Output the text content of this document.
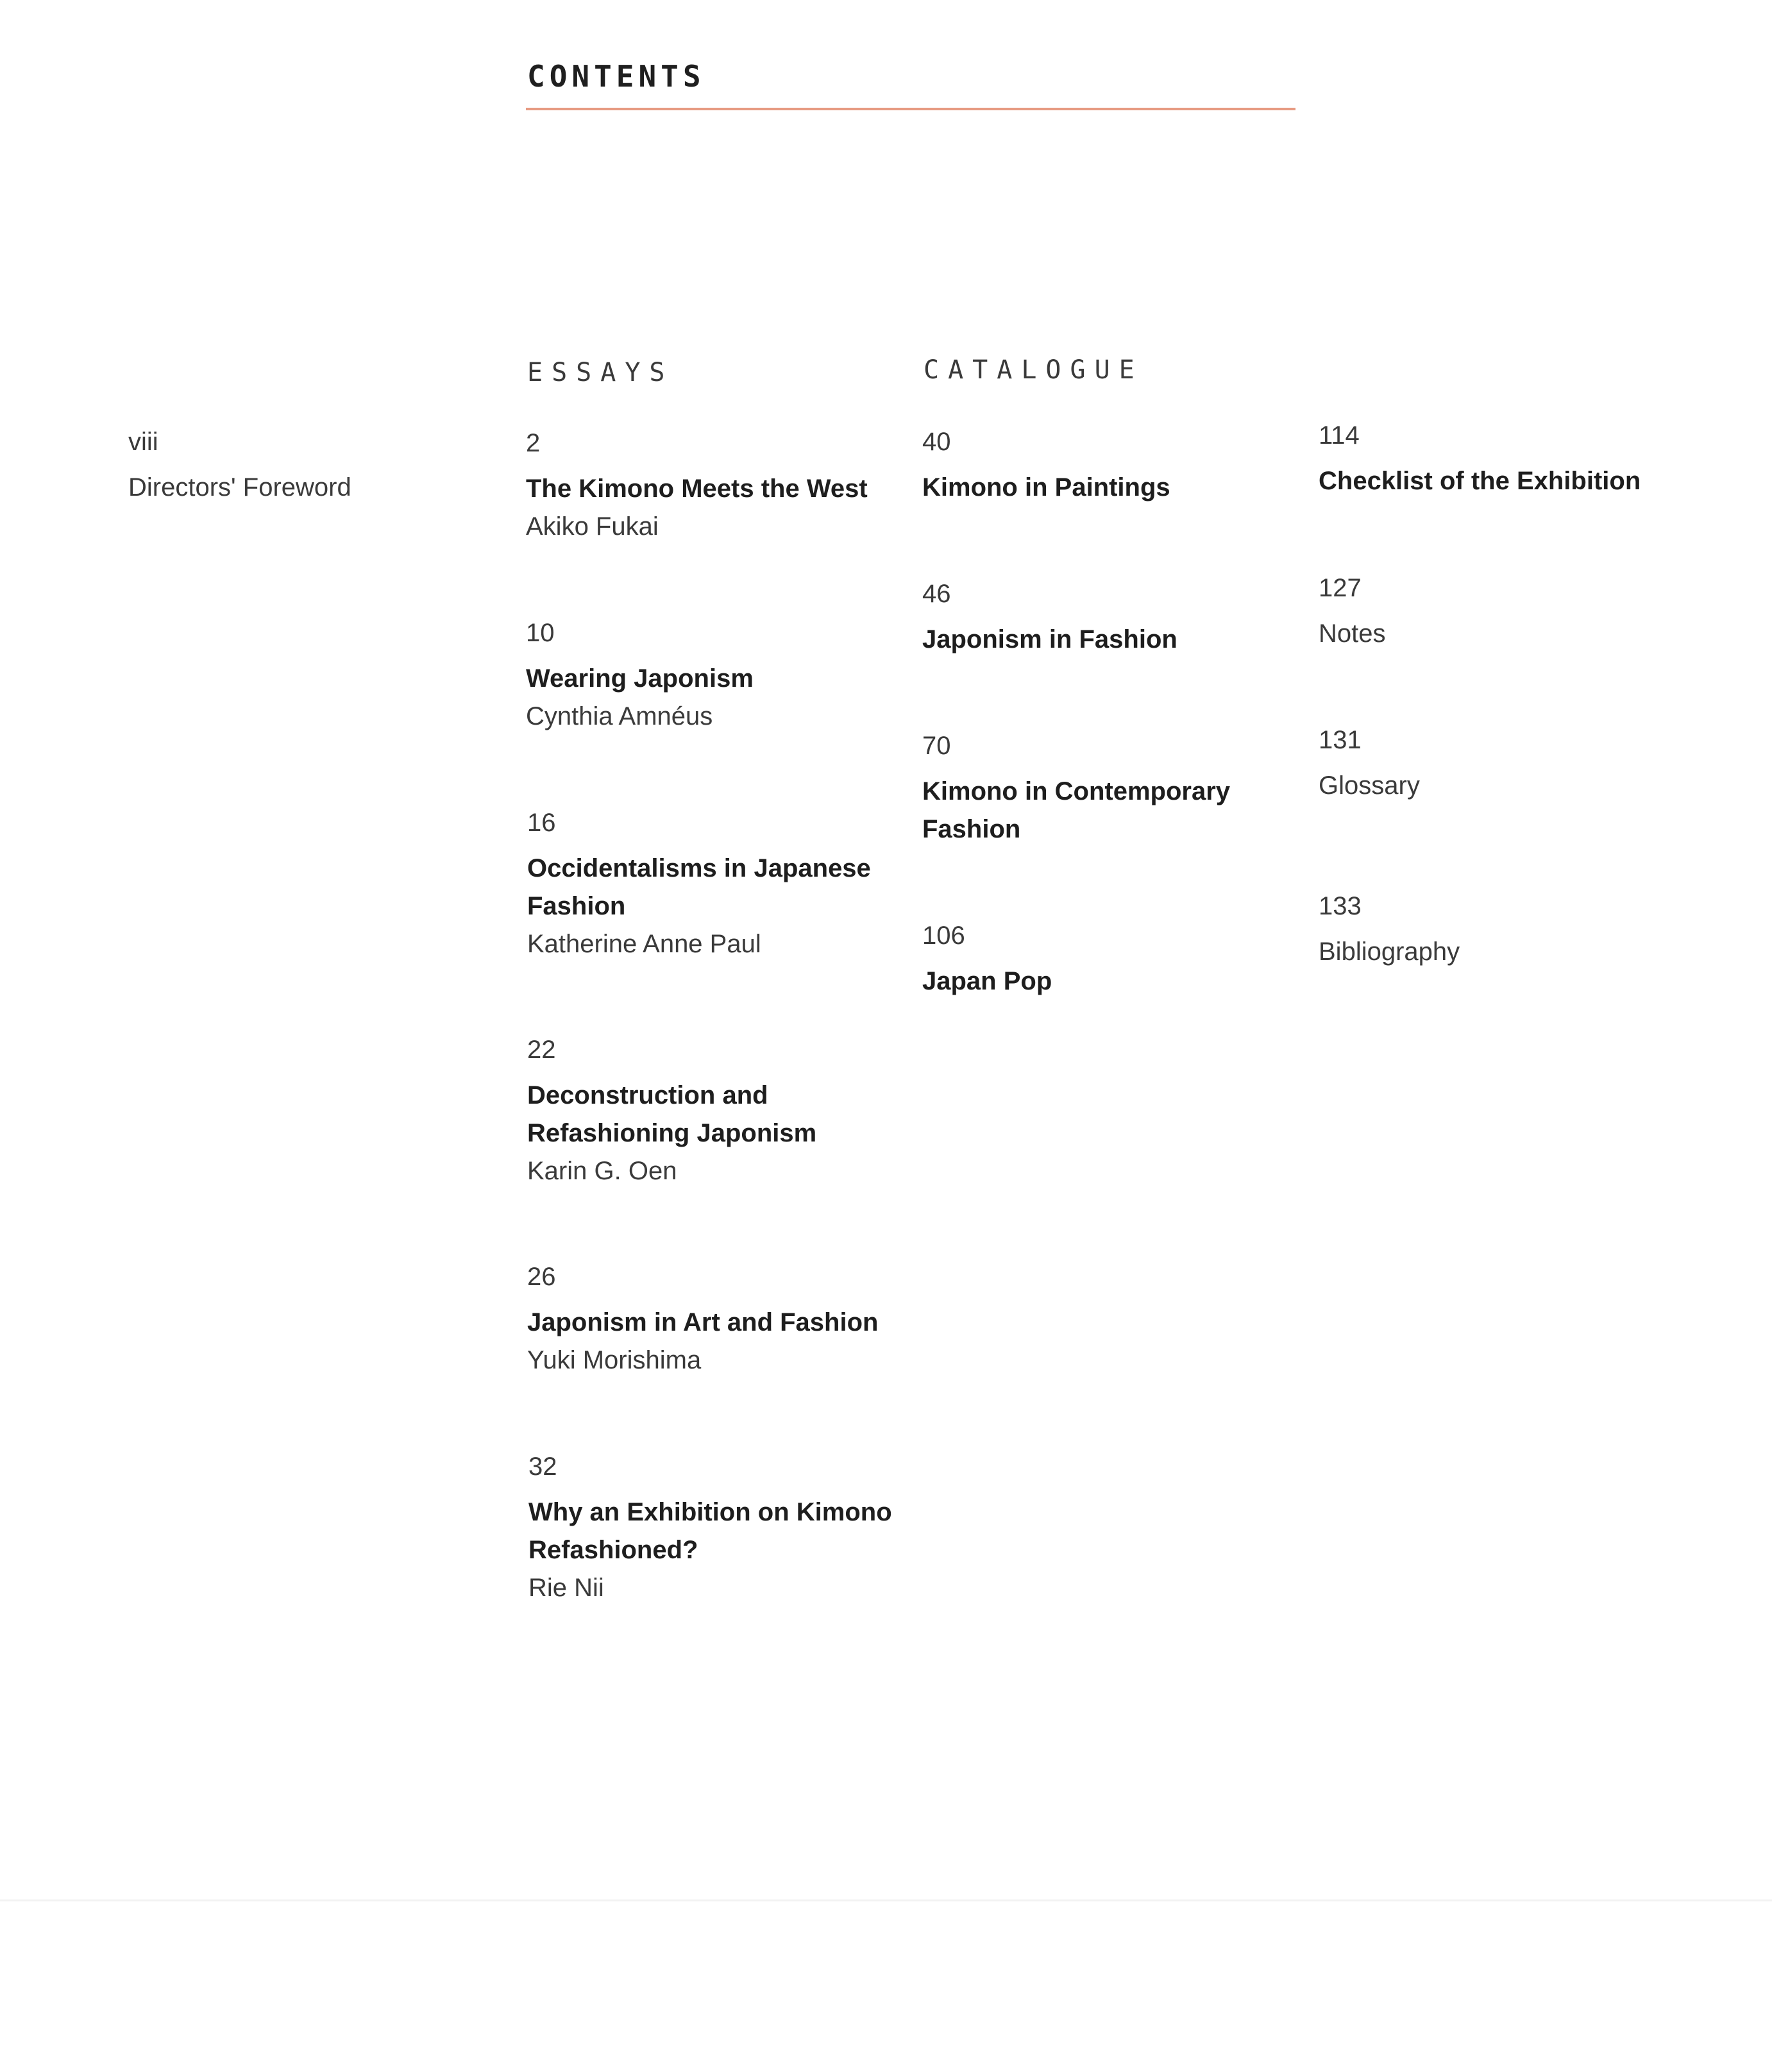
CONTENTS
viii
Directors' Foreword
ESSAYS
2
The Kimono Meets the West
Akiko Fukai
10
Wearing Japonism
Cynthia Amnéus
16
Occidentalisms in Japanese Fashion
Katherine Anne Paul
22
Deconstruction and Refashioning Japonism
Karin G. Oen
26
Japonism in Art and Fashion
Yuki Morishima
32
Why an Exhibition on Kimono Refashioned?
Rie Nii
CATALOGUE
40
Kimono in Paintings
46
Japonism in Fashion
70
Kimono in Contemporary Fashion
106
Japan Pop
114
Checklist of the Exhibition
127
Notes
131
Glossary
133
Bibliography
